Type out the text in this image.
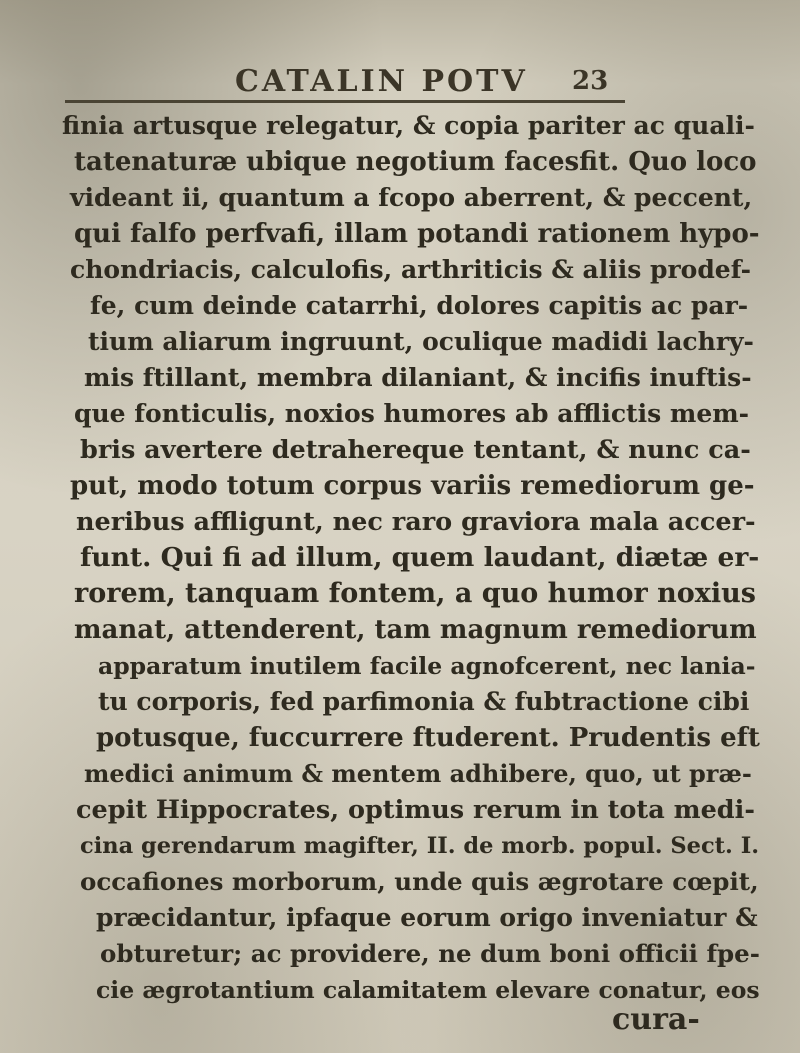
CATALIN POTV 23
finia artusque relegatur, & copia pariter ac quali-
tatenaturæ ubique negotium facesfit. Quo loco
videant ii, quantum a fcopo aberrent, & peccent,
qui falfo perfvafi, illam potandi rationem hypo-
chondriacis, calculofis, arthriticis & aliis prodef-
fe, cum deinde catarrhi, dolores capitis ac par-
tium aliarum ingruunt, oculique madidi lachry-
mis ftillant, membra dilaniant, & incifis inuftis-
que fonticulis, noxios humores ab afflictis mem-
bris avertere detrahereque tentant, & nunc ca-
put, modo totum corpus variis remediorum ge-
neribus affligunt, nec raro graviora mala accer-
funt. Qui fi ad illum, quem laudant, diætæ er-
rorem, tanquam fontem, a quo humor noxius
manat, attenderent, tam magnum remediorum
apparatum inutilem facile agnofcerent, nec lania-
tu corporis, fed parfimonia & fubtractione cibi
potusque, fuccurrere ftuderent. Prudentis eft
medici animum & mentem adhibere, quo, ut præ-
cepit Hippocrates, optimus rerum in tota medi-
cina gerendarum magifter, II. de morb. popul. Sect. I.
occafiones morborum, unde quis ægrotare cœpit,
præcidantur, ipfaque eorum origo inveniatur &
obturetur; ac providere, ne dum boni officii fpe-
cie ægrotantium calamitatem elevare conatur, eos
cura-
